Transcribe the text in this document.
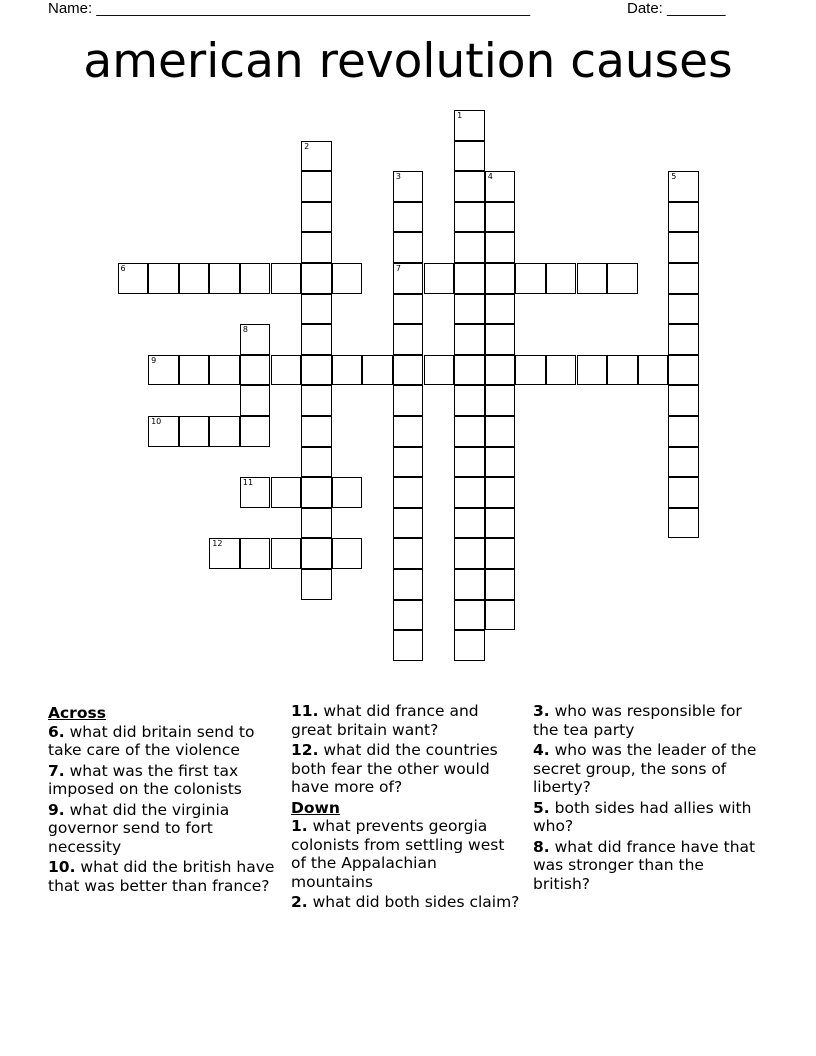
Name: ____________________________________________________	Date: _______
american revolution causes
1
2
3
7
4	5
6
8
9
10
11
12
Across
6. what did britain send to take care of the violence
7. what was the first tax imposed on the colonists
9. what did the virginia governor send to fort necessity
10. what did the british have that was better than france?
11. what did france and great britain want?
12. what did the countries both fear the other would have more of?
Down
1. what prevents georgia colonists from settling west of the Appalachian mountains
2. what did both sides claim?
3. who was responsible for the tea party
4. who was the leader of the secret group, the sons of liberty?
5. both sides had allies with who?
8. what did france have that was stronger than the british?
